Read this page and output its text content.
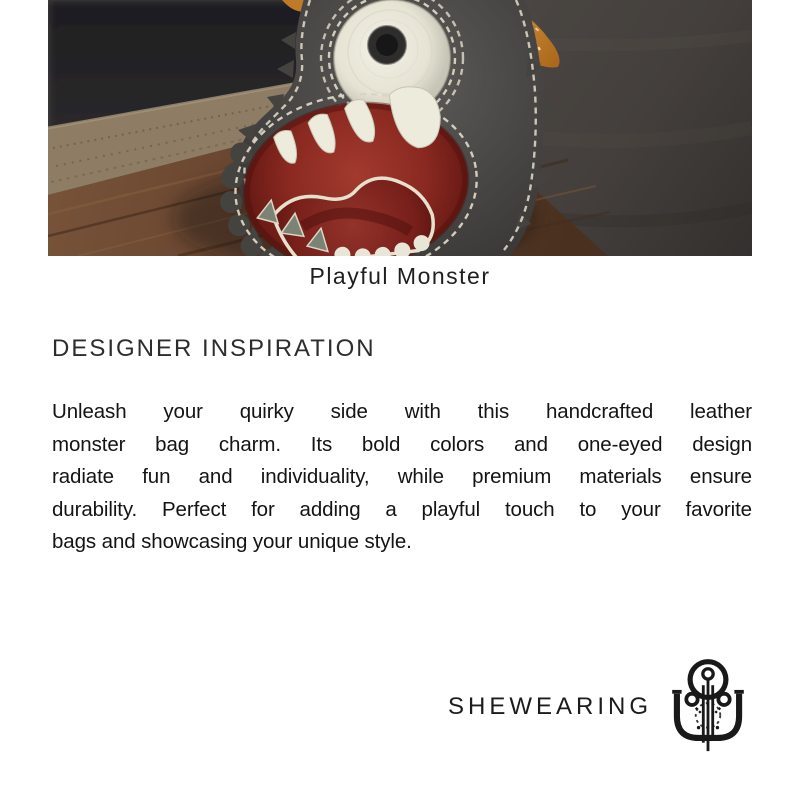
Playful Monster
DESIGNER INSPIRATION
Unleash your quirky side with this handcrafted leather
monster bag charm. Its bold colors and one-eyed design
radiate fun and individuality, while premium materials ensure
durability. Perfect for adding a playful touch to your favorite
bags and showcasing your unique style.
SHEWEARING
